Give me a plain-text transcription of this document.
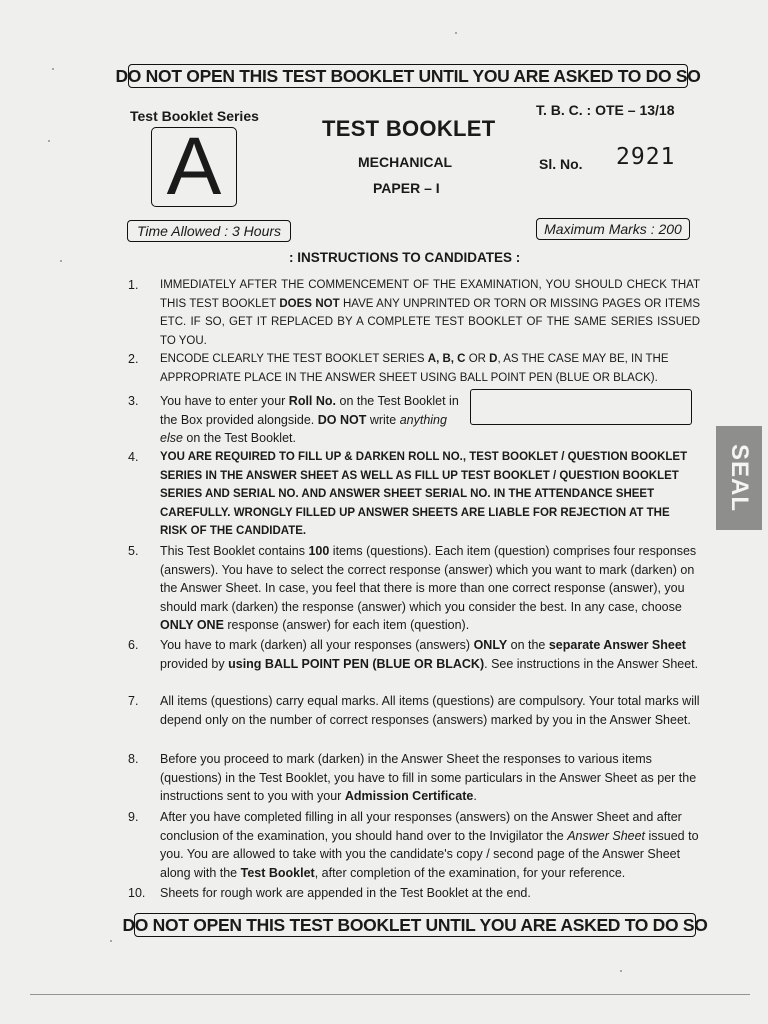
DO NOT OPEN THIS TEST BOOKLET UNTIL YOU ARE ASKED TO DO SO
Test Booklet Series
A	TEST BOOKLET
MECHANICAL
PAPER – I
T. B. C. : OTE – 13/18
Sl. No. 2921
Time Allowed : 3 Hours	Maximum Marks : 200
: INSTRUCTIONS TO CANDIDATES :
1. IMMEDIATELY AFTER THE COMMENCEMENT OF THE EXAMINATION, YOU SHOULD CHECK THAT THIS TEST BOOKLET DOES NOT HAVE ANY UNPRINTED OR TORN OR MISSING PAGES OR ITEMS ETC. IF SO, GET IT REPLACED BY A COMPLETE TEST BOOKLET OF THE SAME SERIES ISSUED TO YOU.
2. ENCODE CLEARLY THE TEST BOOKLET SERIES A, B, C OR D, AS THE CASE MAY BE, IN THE APPROPRIATE PLACE IN THE ANSWER SHEET USING BALL POINT PEN (BLUE OR BLACK).
3. You have to enter your Roll No. on the Test Booklet in the Box provided alongside. DO NOT write anything else on the Test Booklet.
4. YOU ARE REQUIRED TO FILL UP & DARKEN ROLL NO., TEST BOOKLET / QUESTION BOOKLET SERIES IN THE ANSWER SHEET AS WELL AS FILL UP TEST BOOKLET / QUESTION BOOKLET SERIES AND SERIAL NO. AND ANSWER SHEET SERIAL NO. IN THE ATTENDANCE SHEET CAREFULLY. WRONGLY FILLED UP ANSWER SHEETS ARE LIABLE FOR REJECTION AT THE RISK OF THE CANDIDATE.
5. This Test Booklet contains 100 items (questions). Each item (question) comprises four responses (answers). You have to select the correct response (answer) which you want to mark (darken) on the Answer Sheet. In case, you feel that there is more than one correct response (answer), you should mark (darken) the response (answer) which you consider the best. In any case, choose ONLY ONE response (answer) for each item (question).
6. You have to mark (darken) all your responses (answers) ONLY on the separate Answer Sheet provided by using BALL POINT PEN (BLUE OR BLACK). See instructions in the Answer Sheet.
7. All items (questions) carry equal marks. All items (questions) are compulsory. Your total marks will depend only on the number of correct responses (answers) marked by you in the Answer Sheet.
8. Before you proceed to mark (darken) in the Answer Sheet the responses to various items (questions) in the Test Booklet, you have to fill in some particulars in the Answer Sheet as per the instructions sent to you with your Admission Certificate.
9. After you have completed filling in all your responses (answers) on the Answer Sheet and after conclusion of the examination, you should hand over to the Invigilator the Answer Sheet issued to you. You are allowed to take with you the candidate's copy / second page of the Answer Sheet along with the Test Booklet, after completion of the examination, for your reference.
10. Sheets for rough work are appended in the Test Booklet at the end.
DO NOT OPEN THIS TEST BOOKLET UNTIL YOU ARE ASKED TO DO SO
SEAL
